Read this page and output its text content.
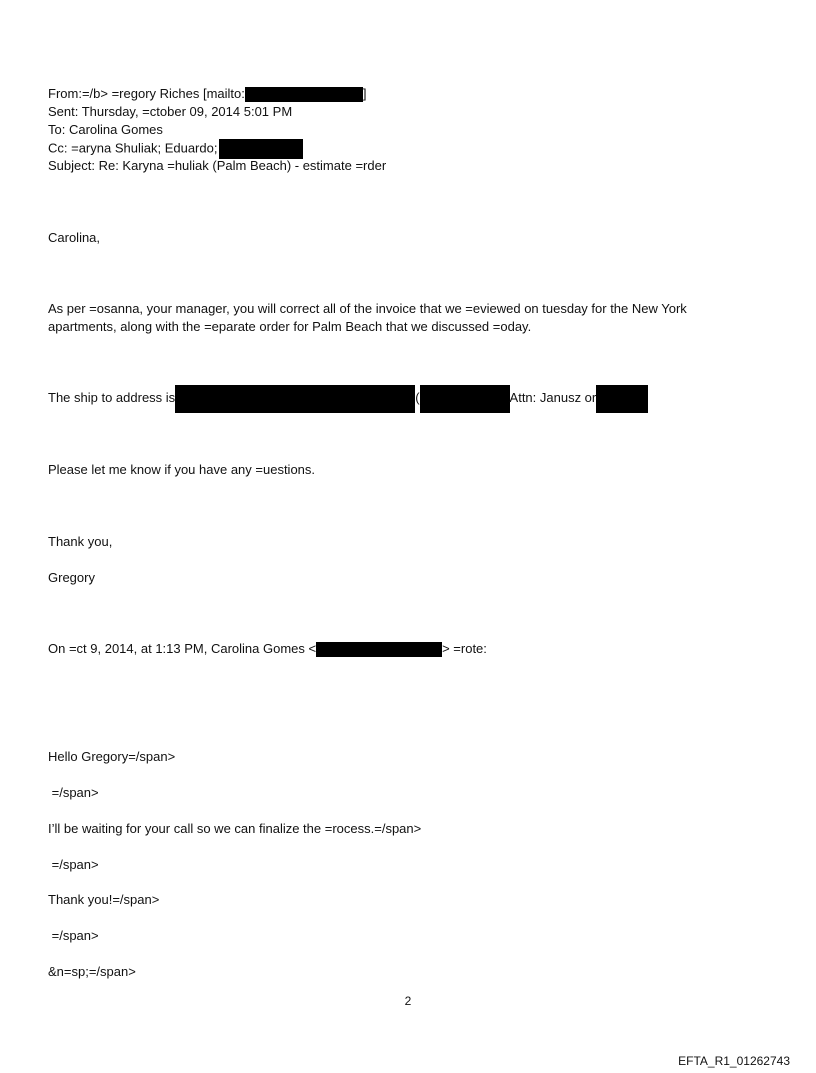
From:=/b> =regory Riches [mailto:	]
Sent: Thursday, =ctober 09, 2014 5:01 PM
To: Carolina Gomes
Cc: =aryna Shuliak; Eduardo;
Subject: Re: Karyna =huliak (Palm Beach) - estimate =rder
Carolina,
As per =osanna, your manager, you will correct all of the invoice that we =eviewed on tuesday for the New York
apartments, along with the =eparate order for Palm Beach that we discussed =oday.
The ship to address is	(	Attn: Janusz or
Please let me know if you have any =uestions.
Thank you,
Gregory
On =ct 9, 2014, at 1:13 PM, Carolina Gomes <	> =rote:
Hello Gregory=/span>
=/span>
I’ll be waiting for your call so we can finalize the =rocess.=/span>
=/span>
Thank you!=/span>
=/span>
&n=sp;=/span>
2
EFTA_R1_01262743
